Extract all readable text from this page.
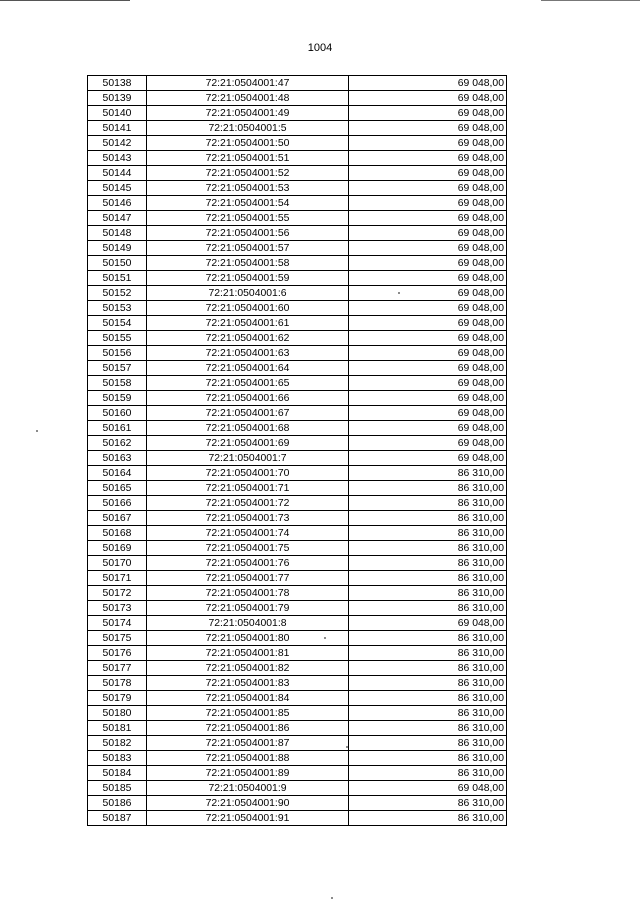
1004
50138	72:21:0504001:47	69 048,00
50139	72:21:0504001:48	69 048,00
50140	72:21:0504001:49	69 048,00
50141	72:21:0504001:5	69 048,00
50142	72:21:0504001:50	69 048,00
50143	72:21:0504001:51	69 048,00
50144	72:21:0504001:52	69 048,00
50145	72:21:0504001:53	69 048,00
50146	72:21:0504001:54	69 048,00
50147	72:21:0504001:55	69 048,00
50148	72:21:0504001:56	69 048,00
50149	72:21:0504001:57	69 048,00
50150	72:21:0504001:58	69 048,00
50151	72:21:0504001:59	69 048,00
50152	72:21:0504001:6	69 048,00
50153	72:21:0504001:60	69 048,00
50154	72:21:0504001:61	69 048,00
50155	72:21:0504001:62	69 048,00
50156	72:21:0504001:63	69 048,00
50157	72:21:0504001:64	69 048,00
50158	72:21:0504001:65	69 048,00
50159	72:21:0504001:66	69 048,00
50160	72:21:0504001:67	69 048,00
50161	72:21:0504001:68	69 048,00
50162	72:21:0504001:69	69 048,00
50163	72:21:0504001:7	69 048,00
50164	72:21:0504001:70	86 310,00
50165	72:21:0504001:71	86 310,00
50166	72:21:0504001:72	86 310,00
50167	72:21:0504001:73	86 310,00
50168	72:21:0504001:74	86 310,00
50169	72:21:0504001:75	86 310,00
50170	72:21:0504001:76	86 310,00
50171	72:21:0504001:77	86 310,00
50172	72:21:0504001:78	86 310,00
50173	72:21:0504001:79	86 310,00
50174	72:21:0504001:8	69 048,00
50175	72:21:0504001:80	86 310,00
50176	72:21:0504001:81	86 310,00
50177	72:21:0504001:82	86 310,00
50178	72:21:0504001:83	86 310,00
50179	72:21:0504001:84	86 310,00
50180	72:21:0504001:85	86 310,00
50181	72:21:0504001:86	86 310,00
50182	72:21:0504001:87	86 310,00
50183	72:21:0504001:88	86 310,00
50184	72:21:0504001:89	86 310,00
50185	72:21:0504001:9	69 048,00
50186	72:21:0504001:90	86 310,00
50187	72:21:0504001:91	86 310,00
